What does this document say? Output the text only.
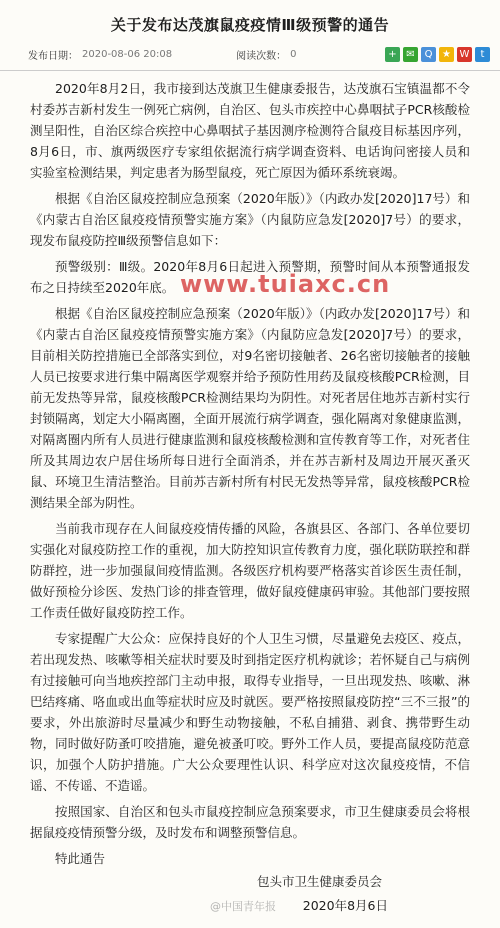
关于发布达茂旗鼠疫疫情Ⅲ级预警的通告
发布日期： 2020-08-06 20:08	阅读次数： 0	+ ✉ Q ★ W	t

2020年8月2日，我市接到达茂旗卫生健康委报告，达茂旗石宝镇温都不令村委苏吉新村发生一例死亡病例，自治区、包头市疾控中心鼻咽拭子PCR核酸检测呈阳性，自治区综合疾控中心鼻咽拭子基因测序检测符合鼠疫目标基因序列，8月6日，市、旗两级医疗专家组依据流行病学调查资料、电话询问密接人员和实验室检测结果，判定患者为肠型鼠疫，死亡原因为循环系统衰竭。

根据《自治区鼠疫控制应急预案（2020年版）》（内政办发[2020]17号）和《内蒙古自治区鼠疫疫情预警实施方案》（内鼠防应急发[2020]7号）的要求，现发布鼠疫防控Ⅲ级预警信息如下：

预警级别：Ⅲ级。2020年8月6日起进入预警期，预警时间从本预警通报发布之日持续至2020年底。

根据《自治区鼠疫控制应急预案（2020年版）》（内政办发[2020]17号）和《内蒙古自治区鼠疫疫情预警实施方案》（内鼠防应急发[2020]7号）的要求，目前相关防控措施已全部落实到位，对9名密切接触者、26名密切接触者的接触人员已按要求进行集中隔离医学观察并给予预防性用药及鼠疫核酸PCR检测，目前无发热等异常，鼠疫核酸PCR检测结果均为阴性。对死者居住地苏吉新村实行封锁隔离，划定大小隔离圈，全面开展流行病学调查，强化隔离对象健康监测，对隔离圈内所有人员进行健康监测和鼠疫核酸检测和宣传教育等工作，对死者住所及其周边农户居住场所每日进行全面消杀，并在苏吉新村及周边开展灭蚤灭鼠、环境卫生清洁整治。目前苏吉新村所有村民无发热等异常，鼠疫核酸PCR检测结果全部为阴性。

当前我市现存在人间鼠疫疫情传播的风险，各旗县区、各部门、各单位要切实强化对鼠疫防控工作的重视，加大防控知识宣传教育力度，强化联防联控和群防群控，进一步加强鼠间疫情监测。各级医疗机构要严格落实首诊医生责任制，做好预检分诊医、发热门诊的排查管理，做好鼠疫健康码审验。其他部门要按照工作责任做好鼠疫防控工作。

专家提醒广大公众：应保持良好的个人卫生习惯，尽量避免去疫区、疫点，若出现发热、咳嗽等相关症状时要及时到指定医疗机构就诊；若怀疑自己与病例有过接触可向当地疾控部门主动申报，取得专业指导，一旦出现发热、咳嗽、淋巴结疼痛、咯血或出血等症状时应及时就医。要严格按照鼠疫防控“三不三报”的要求，外出旅游时尽量减少和野生动物接触，不私自捕猎、剥食、携带野生动物，同时做好防蚤叮咬措施，避免被蚤叮咬。野外工作人员，要提高鼠疫防范意识，加强个人防护措施。广大公众要理性认识、科学应对这次鼠疫疫情，不信谣、不传谣、不造谣。

按照国家、自治区和包头市鼠疫控制应急预案要求，市卫生健康委员会将根据鼠疫疫情预警分级，及时发布和调整预警信息。

特此通告

包头市卫生健康委员会
2020年8月6日
www.tuiaxc.cn
@中国青年报
